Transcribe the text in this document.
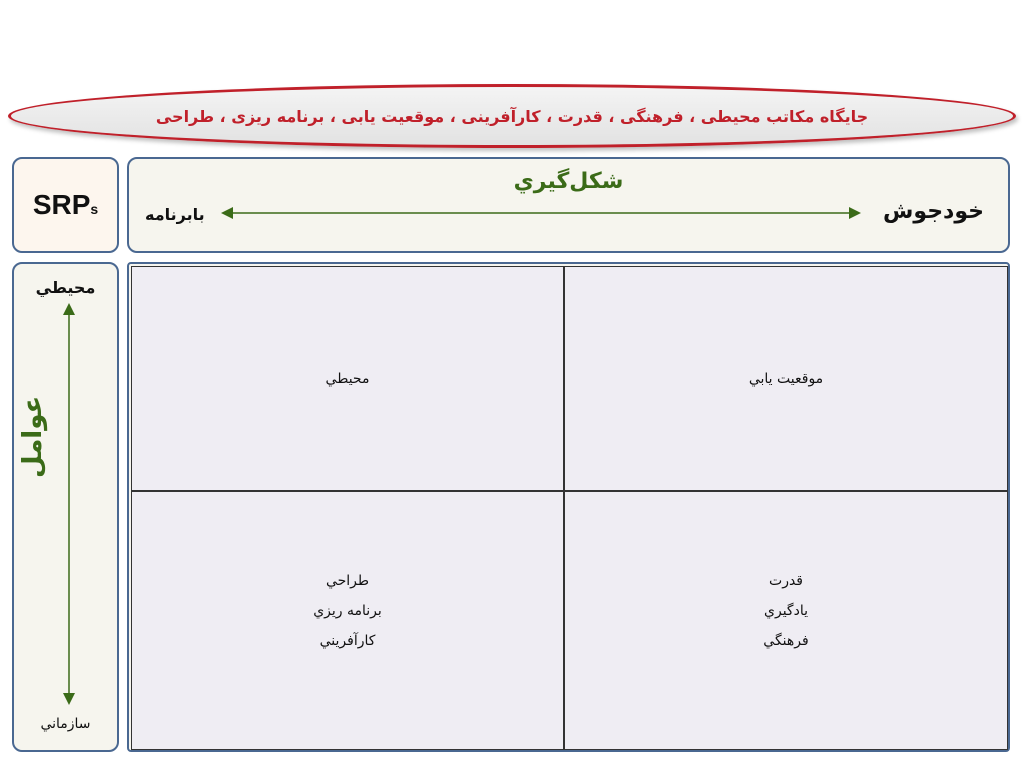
جایگاه مکاتب محیطی ، فرهنگی ، قدرت ، کارآفرینی ، موقعیت یابی ، برنامه ریزی ، طراحی
SRPs
شكل‌گيري
بابرنامه	خودجوش
محيطي
سازماني
عوامل
محيطي	موقعيت يابي
طراحي
برنامه ريزي
كارآفريني
قدرت
يادگيري
فرهنگي
